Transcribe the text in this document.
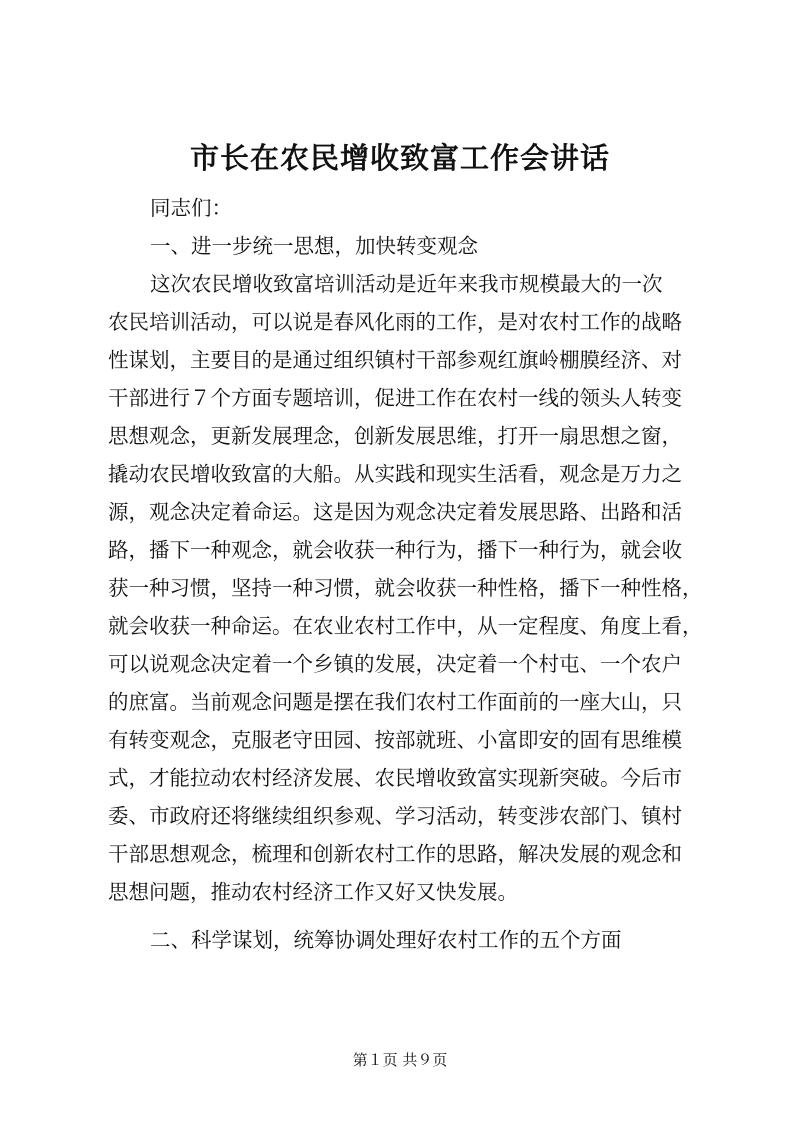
市长在农民增收致富工作会讲话
同志们：
一、进一步统一思想，加快转变观念
这次农民增收致富培训活动是近年来我市规模最大的一次
农民培训活动，可以说是春风化雨的工作，是对农村工作的战略
性谋划，主要目的是通过组织镇村干部参观红旗岭棚膜经济、对
干部进行７个方面专题培训，促进工作在农村一线的领头人转变
思想观念，更新发展理念，创新发展思维，打开一扇思想之窗，
撬动农民增收致富的大船。从实践和现实生活看，观念是万力之
源，观念决定着命运。这是因为观念决定着发展思路、出路和活
路，播下一种观念，就会收获一种行为，播下一种行为，就会收
获一种习惯，坚持一种习惯，就会收获一种性格，播下一种性格，
就会收获一种命运。在农业农村工作中，从一定程度、角度上看，
可以说观念决定着一个乡镇的发展，决定着一个村屯、一个农户
的庶富。当前观念问题是摆在我们农村工作面前的一座大山，只
有转变观念，克服老守田园、按部就班、小富即安的固有思维模
式，才能拉动农村经济发展、农民增收致富实现新突破。今后市
委、市政府还将继续组织参观、学习活动，转变涉农部门、镇村
干部思想观念，梳理和创新农村工作的思路，解决发展的观念和
思想问题，推动农村经济工作又好又快发展。
二、科学谋划，统筹协调处理好农村工作的五个方面
第１页 共９页
